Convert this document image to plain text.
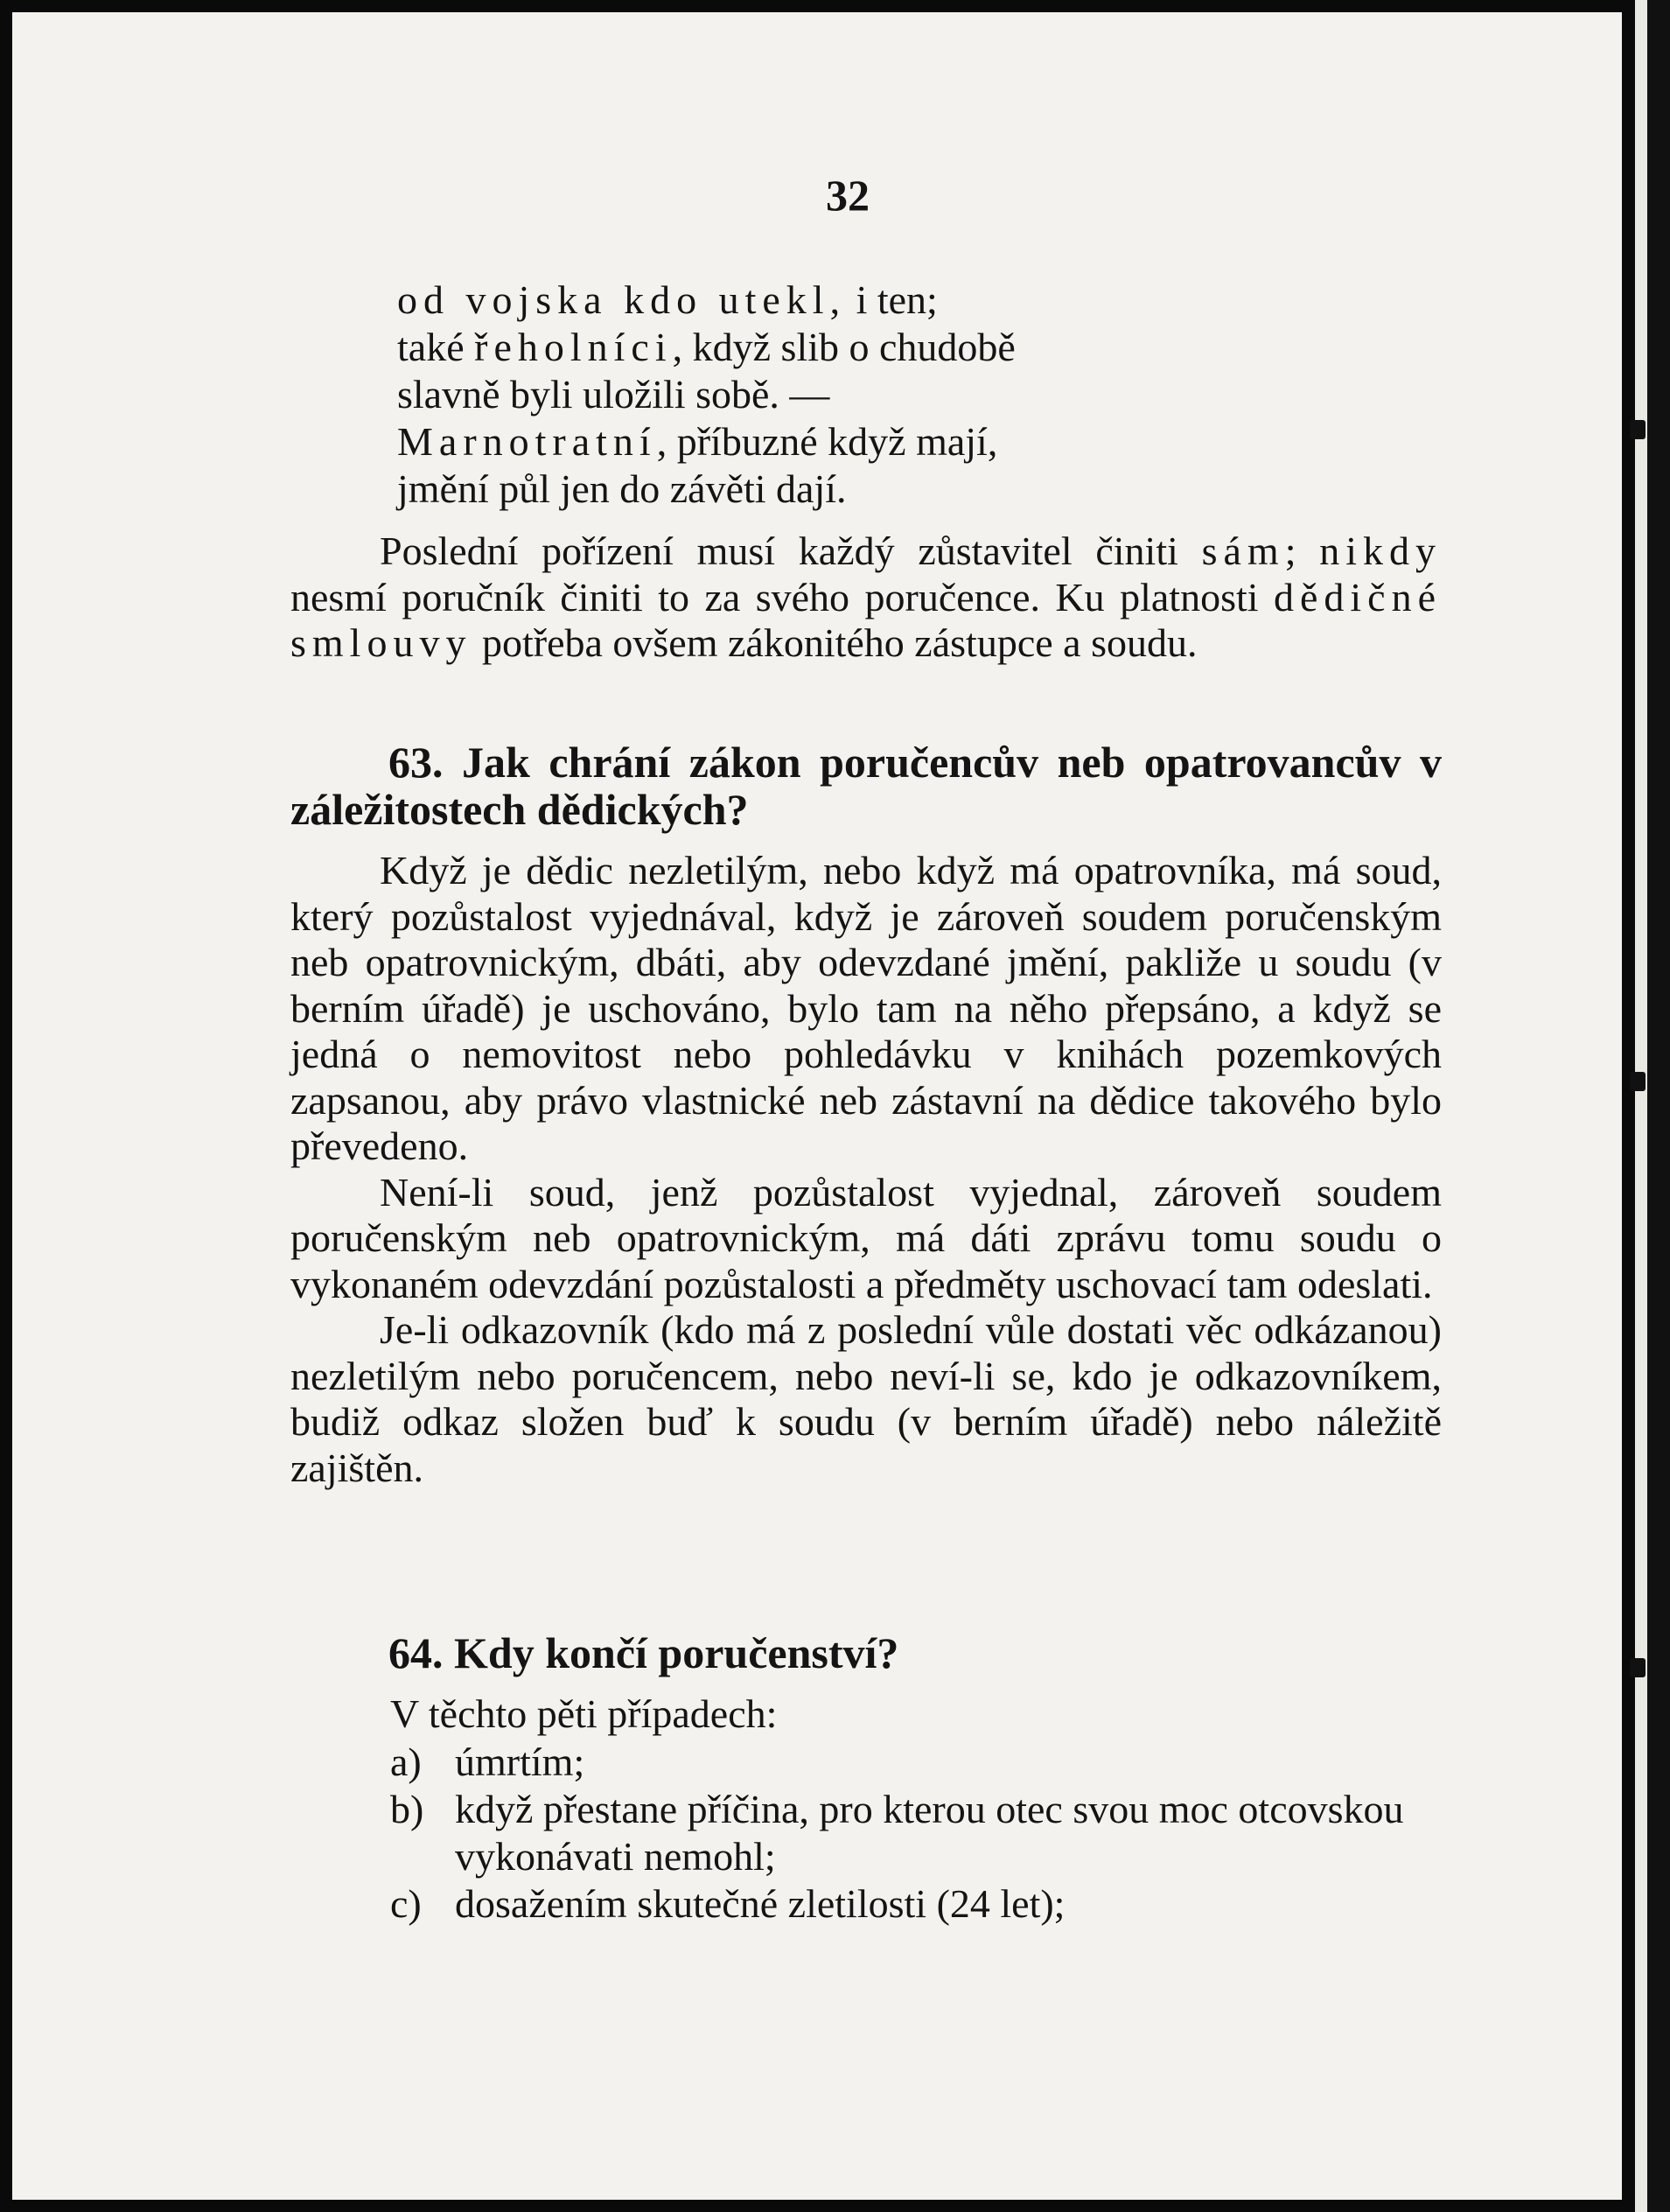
32
od vojska kdo utekl, i ten;
také řeholníci, když slib o chudobě
slavně byli uložili sobě. —
Marnotratní, příbuzné když mají,
jmění půl jen do závěti dají.

Poslední pořízení musí každý zůstavitel činiti sám; nikdy nesmí poručník činiti to za svého poručence. Ku platnosti dědičné smlouvy potřeba ovšem zákonitého zástupce a soudu.

63. Jak chrání zákon poručencův neb opatrovancův v záležitostech dědických?

Když je dědic nezletilým, nebo když má opatrovníka, má soud, který pozůstalost vyjednával, když je zároveň soudem poručenským neb opatrovnickým, dbáti, aby odevzdané jmění, pakliže u soudu (v berním úřadě) je uschováno, bylo tam na něho přepsáno, a když se jedná o nemovitost nebo pohledávku v knihách pozemkových zapsanou, aby právo vlastnické neb zástavní na dědice takového bylo převedeno.

Není-li soud, jenž pozůstalost vyjednal, zároveň soudem poručenským neb opatrovnickým, má dáti zprávu tomu soudu o vykonaném odevzdání pozůstalosti a předměty uschovací tam odeslati.

Je-li odkazovník (kdo má z poslední vůle dostati věc odkázanou) nezletilým nebo poručencem, nebo neví-li se, kdo je odkazovníkem, budiž odkaz složen buď k soudu (v berním úřadě) nebo náležitě zajištěn.

64. Kdy končí poručenství?
V těchto pěti případech:
a) úmrtím;
b) když přestane příčina, pro kterou otec svou moc otcovskou vykonávati nemohl;
c) dosažením skutečné zletilosti (24 let);
